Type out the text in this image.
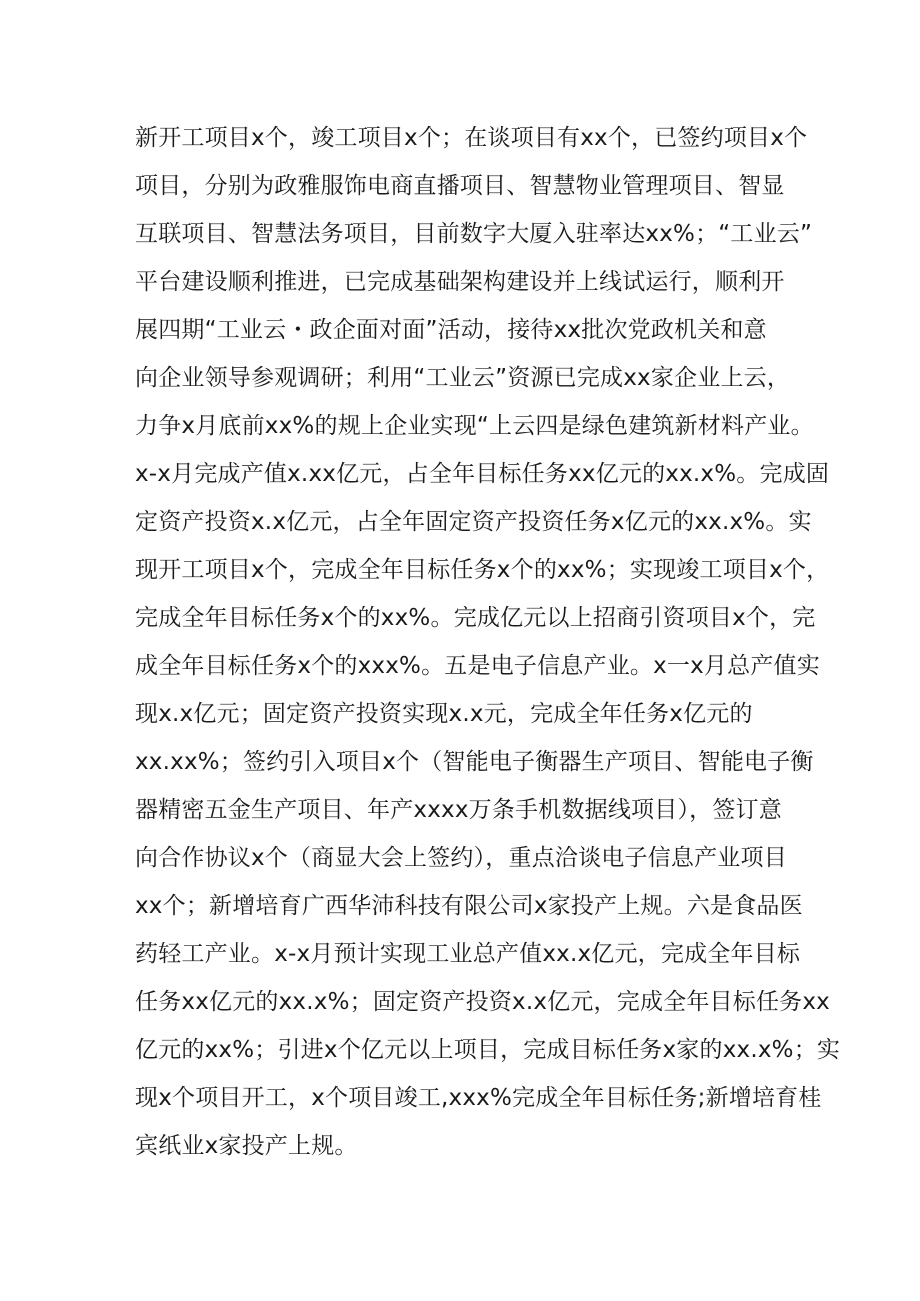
新开工项目x个，竣工项目x个；在谈项目有xx个，已签约项目x个
项目，分别为政雅服饰电商直播项目、智慧物业管理项目、智显
互联项目、智慧法务项目，目前数字大厦入驻率达xx%；“工业云”
平台建设顺利推进，已完成基础架构建设并上线试运行，顺利开
展四期“工业云・政企面对面”活动，接待xx批次党政机关和意
向企业领导参观调研；利用“工业云”资源已完成xx家企业上云，
力争x月底前xx%的规上企业实现“上云四是绿色建筑新材料产业。
x-x月完成产值x.xx亿元，占全年目标任务xx亿元的xx.x%。完成固
定资产投资x.x亿元，占全年固定资产投资任务x亿元的xx.x%。实
现开工项目x个，完成全年目标任务x个的xx%；实现竣工项目x个，
完成全年目标任务x个的xx%。完成亿元以上招商引资项目x个，完
成全年目标任务x个的xxx%。五是电子信息产业。x一x月总产值实
现x.x亿元；固定资产投资实现x.x元，完成全年任务x亿元的
xx.xx%；签约引入项目x个（智能电子衡器生产项目、智能电子衡
器精密五金生产项目、年产xxxx万条手机数据线项目），签订意
向合作协议x个（商显大会上签约），重点洽谈电子信息产业项目
xx个；新增培育广西华沛科技有限公司x家投产上规。六是食品医
药轻工产业。x-x月预计实现工业总产值xx.x亿元，完成全年目标
任务xx亿元的xx.x%；固定资产投资x.x亿元，完成全年目标任务xx
亿元的xx%；引进x个亿元以上项目，完成目标任务x家的xx.x%；实
现x个项目开工，x个项目竣工,xxx%完成全年目标任务;新增培育桂
宾纸业x家投产上规。
